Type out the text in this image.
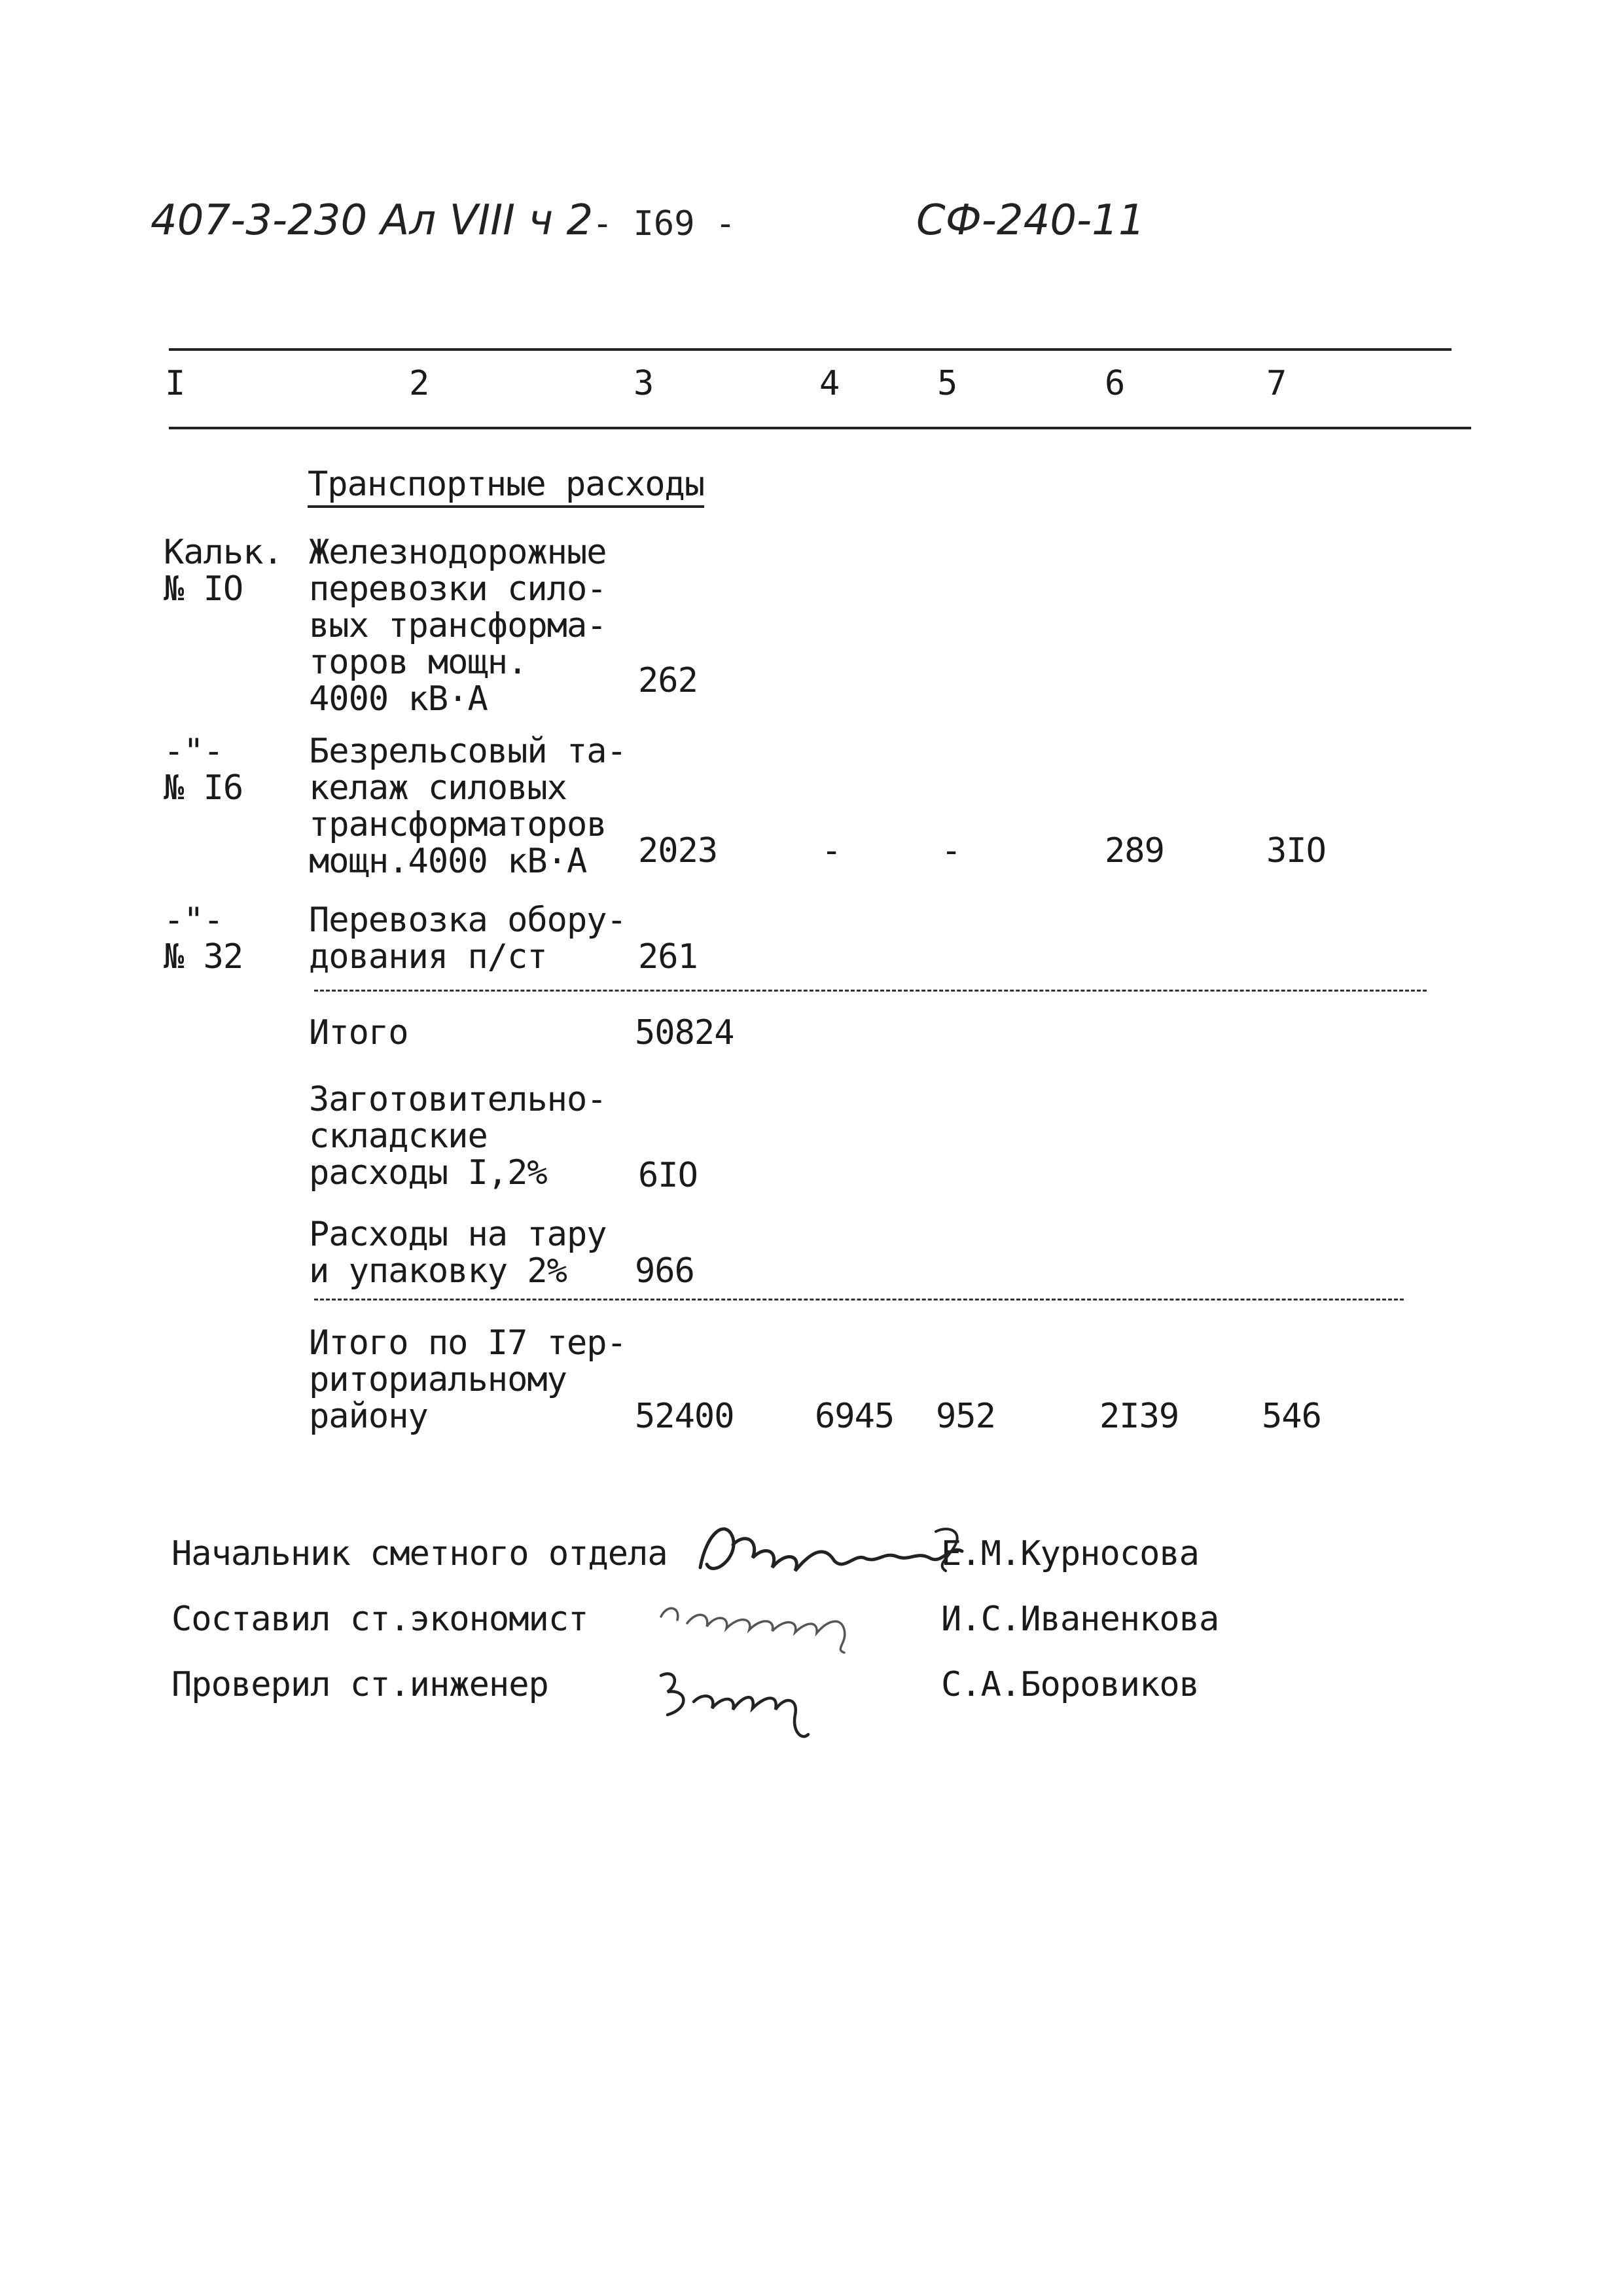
407-3-230 Ал VIII ч 2
- I69 -	СФ-240-11
I	2	3	4	5	6	7
Транспортные расходы
Кальк.
№ IO
Железнодорожные
перевозки сило-
вых трансформа-
торов мощн.
4000 кВ·А	262
-"-
№ I6
Безрельсовый та-
келаж силовых
трансформаторов
мощн.4000 кВ·А	2023	-	-	289	3IO
-"-
№ 32
Перевозка обору-
дования п/ст	261
Итого	50824
Заготовительно-
складские
расходы I,2%	6IO
Расходы на тару
и упаковку 2%	966
Итого по I7 тер-
риториальному
району	52400 6945 952	2I39 546
Начальник сметного отдела	Е.М.Курносова
Составил ст.экономист	И.С.Иваненкова
Проверил ст.инженер	С.А.Боровиков
